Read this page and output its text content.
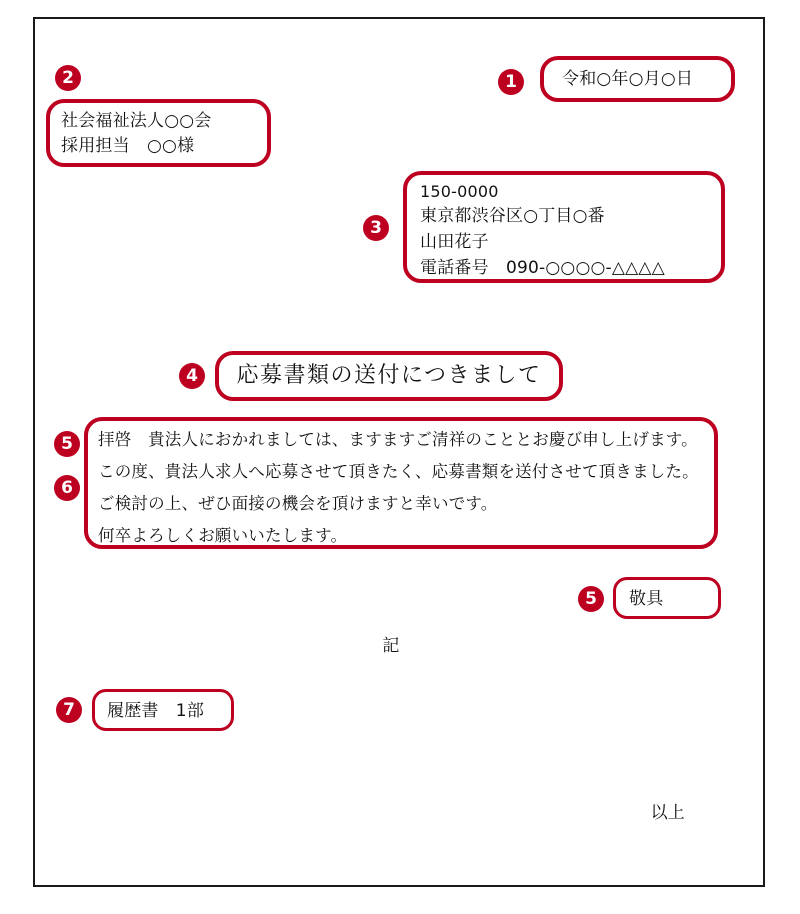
1	令和○年○月○日
2
社会福祉法人○○会
採用担当　○○様
3
150-0000
東京都渋谷区○丁目○番
山田花子
電話番号　090-○○○○-△△△△
4	応募書類の送付につきまして
5
6
拝啓　貴法人におかれましては、ますますご清祥のこととお慶び申し上げます。
この度、貴法人求人へ応募させて頂きたく、応募書類を送付させて頂きました。
ご検討の上、ぜひ面接の機会を頂けますと幸いです。
何卒よろしくお願いいたします。
5	敬具
記
7	履歴書　1部
以上
